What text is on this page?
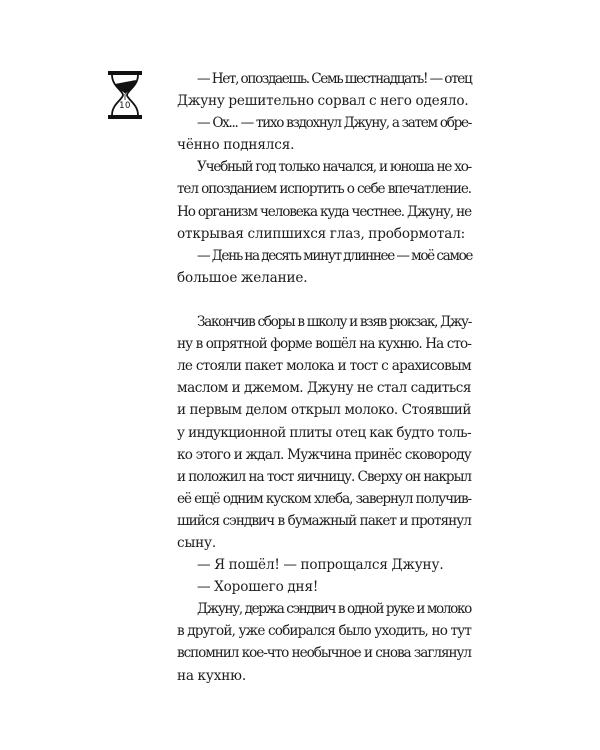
10

— Нет, опоздаешь. Семь шестнадцать! — отец
Джуну решительно сорвал с него одеяло.

— Ох... — тихо вздохнул Джуну, а затем обре-
чённо поднялся.

Учебный год только начался, и юноша не хо-
тел опозданием испортить о себе впечатление.
Но организм человека куда честнее. Джуну, не
открывая слипшихся глаз, пробормотал:

— День на десять минут длиннее — моё самое
большое желание.

Закончив сборы в школу и взяв рюкзак, Джу-
ну в опрятной форме вошёл на кухню. На сто-
ле стояли пакет молока и тост с арахисовым
маслом и джемом. Джуну не стал садиться
и первым делом открыл молоко. Стоявший
у индукционной плиты отец как будто толь-
ко этого и ждал. Мужчина принёс сковороду
и положил на тост яичницу. Сверху он накрыл
её ещё одним куском хлеба, завернул получив-
шийся сэндвич в бумажный пакет и протянул
сыну.

— Я пошёл! — попрощался Джуну.

— Хорошего дня!

Джуну, держа сэндвич в одной руке и молоко
в другой, уже собирался было уходить, но тут
вспомнил кое-что необычное и снова заглянул
на кухню.
